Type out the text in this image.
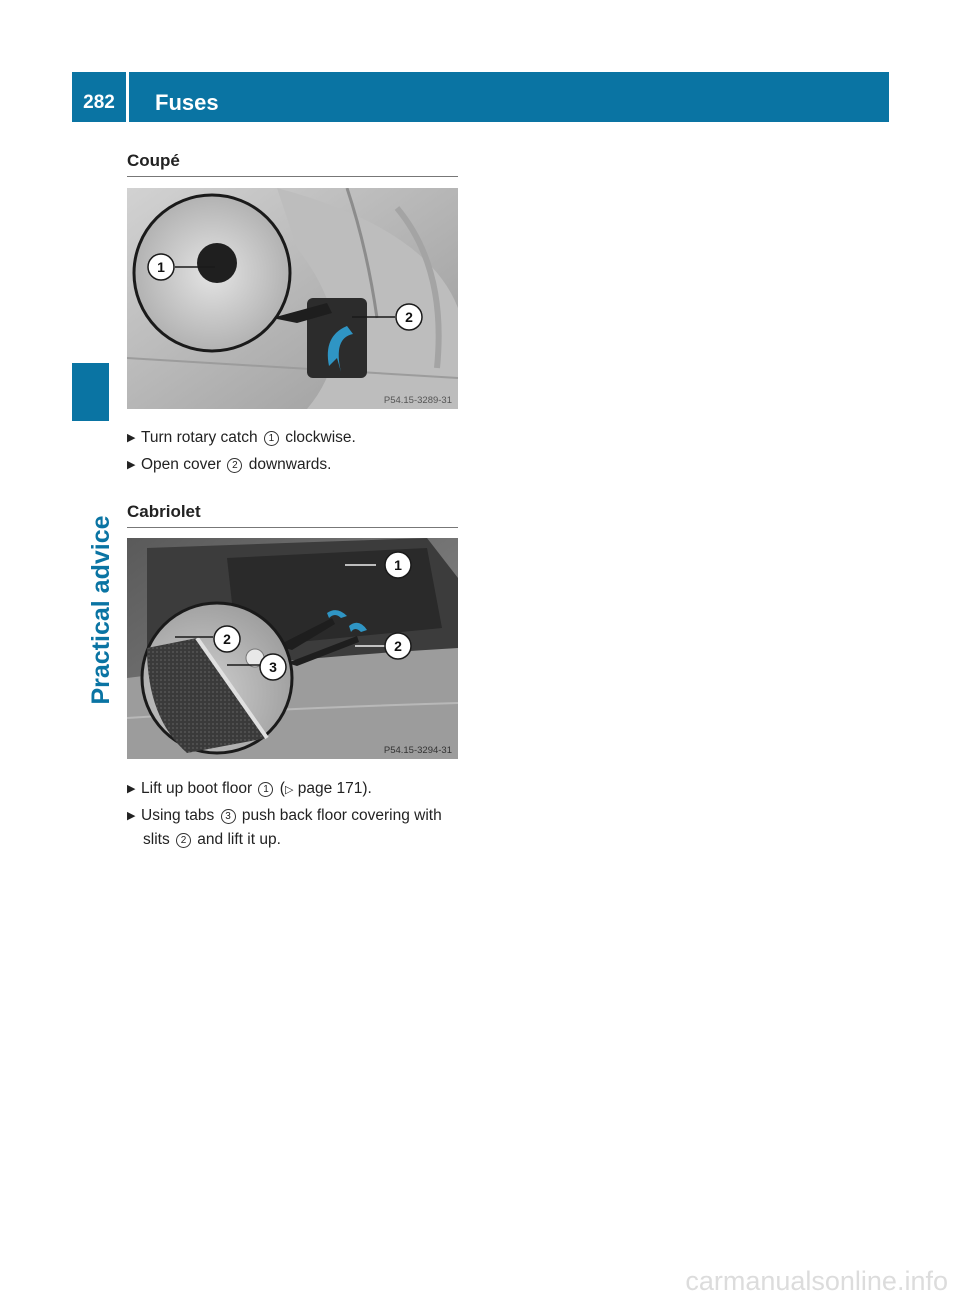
282	Fuses
Practical advice
Coupé
1
2
P54.15-3289-31
▶ Turn rotary catch 1 clockwise.
▶ Open cover 2 downwards.
Cabriolet
1
2	2
3
P54.15-3294-31
▶ Lift up boot floor 1 (▷ page 171).
▶ Using tabs 3 push back floor covering with
slits 2 and lift it up.
carmanualsonline.info
